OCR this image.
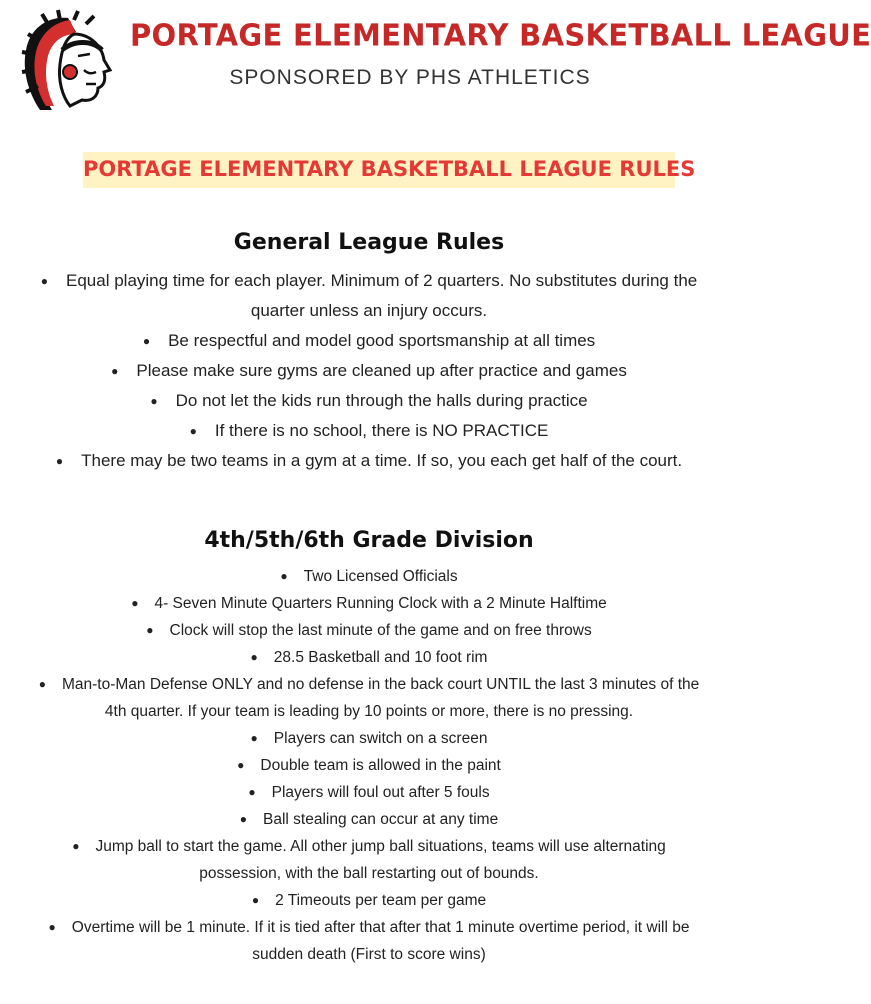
PORTAGE ELEMENTARY BASKETBALL LEAGUE
SPONSORED BY PHS ATHLETICS
PORTAGE ELEMENTARY BASKETBALL LEAGUE RULES
General League Rules
● Equal playing time for each player. Minimum of 2 quarters. No substitutes during the quarter unless an injury occurs.
● Be respectful and model good sportsmanship at all times
● Please make sure gyms are cleaned up after practice and games
● Do not let the kids run through the halls during practice
● If there is no school, there is NO PRACTICE
● There may be two teams in a gym at a time. If so, you each get half of the court.
4th/5th/6th Grade Division
● Two Licensed Officials
● 4- Seven Minute Quarters Running Clock with a 2 Minute Halftime
● Clock will stop the last minute of the game and on free throws
● 28.5 Basketball and 10 foot rim
● Man-to-Man Defense ONLY and no defense in the back court UNTIL the last 3 minutes of the 4th quarter. If your team is leading by 10 points or more, there is no pressing.
● Players can switch on a screen
● Double team is allowed in the paint
● Players will foul out after 5 fouls
● Ball stealing can occur at any time
● Jump ball to start the game. All other jump ball situations, teams will use alternating possession, with the ball restarting out of bounds.
● 2 Timeouts per team per game
● Overtime will be 1 minute. If it is tied after that after that 1 minute overtime period, it will be sudden death (First to score wins)
